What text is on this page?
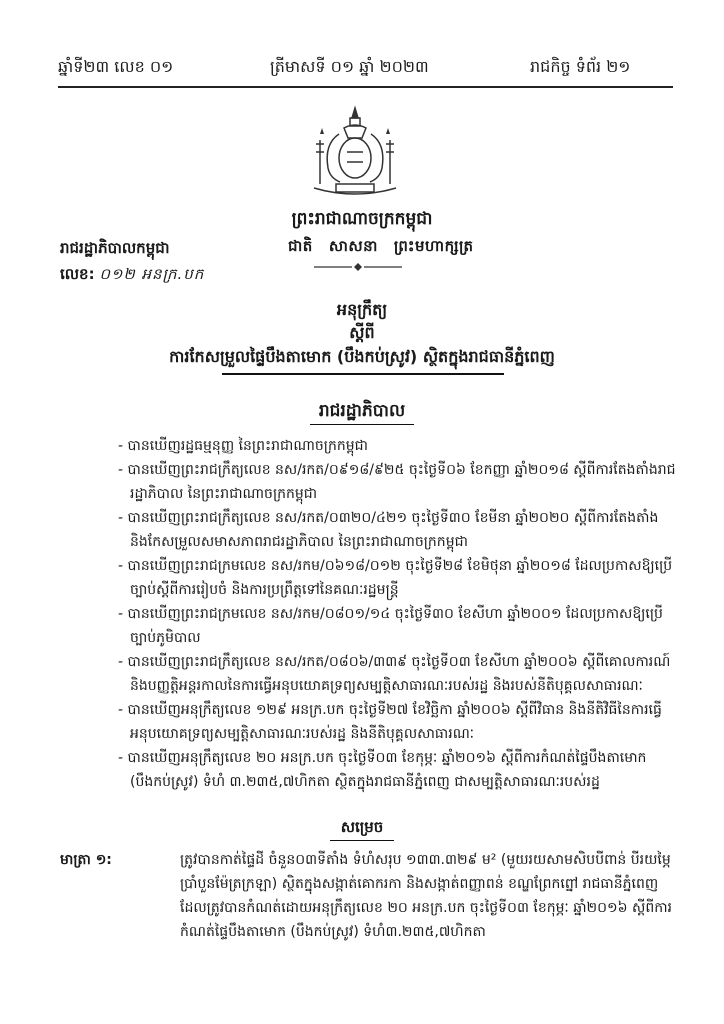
ឆ្នាំទី២៣ លេខ ០១	ត្រីមាសទី ០១ ឆ្នាំ ២០២៣	រាជកិច្ច ទំព័រ ២១
ព្រះរាជាណាចក្រកម្ពុជា
រាជរដ្ឋាភិបាលកម្ពុជា	ជាតិ សាសនា ព្រះមហាក្សត្រ
លេខ: ០១២ អនក្រ.បក
អនុក្រឹត្យ
ស្តីពី
ការកែសម្រួលផ្ទៃបឹងតាមោក (បឹងកប់ស្រូវ) ស្ថិតក្នុងរាជធានីភ្នំពេញ
រាជរដ្ឋាភិបាល
- បានឃើញរដ្ឋធម្មនុញ្ញ នៃព្រះរាជាណាចក្រកម្ពុជា
- បានឃើញព្រះរាជក្រឹត្យលេខ នស/រកត/០៩១៨/៩២៥ ចុះថ្ងៃទី០៦ ខែកញ្ញា ឆ្នាំ២០១៨ ស្តីពីការតែងតាំងរាជរដ្ឋាភិបាល នៃព្រះរាជាណាចក្រកម្ពុជា
- បានឃើញព្រះរាជក្រឹត្យលេខ នស/រកត/០៣២០/៤២១ ចុះថ្ងៃទី៣០ ខែមីនា ឆ្នាំ២០២០ ស្តីពីការតែងតាំង និងកែសម្រួលសមាសភាពរាជរដ្ឋាភិបាល នៃព្រះរាជាណាចក្រកម្ពុជា
- បានឃើញព្រះរាជក្រមលេខ នស/រកម/០៦១៨/០១២ ចុះថ្ងៃទី២៨ ខែមិថុនា ឆ្នាំ២០១៨ ដែលប្រកាសឱ្យប្រើច្បាប់ស្តីពីការរៀបចំ និងការប្រព្រឹត្តទៅនៃគណៈរដ្ឋមន្ត្រី
- បានឃើញព្រះរាជក្រមលេខ នស/រកម/០៨០១/១៤ ចុះថ្ងៃទី៣០ ខែសីហា ឆ្នាំ២០០១ ដែលប្រកាសឱ្យប្រើច្បាប់ភូមិបាល
- បានឃើញព្រះរាជក្រឹត្យលេខ នស/រកត/០៨០៦/៣៣៩ ចុះថ្ងៃទី០៣ ខែសីហា ឆ្នាំ២០០៦ ស្តីពីគោលការណ៍ និងបញ្ញត្តិអន្តរកាលនៃការធ្វើអនុបយោគទ្រព្យសម្បត្តិសាធារណៈរបស់រដ្ឋ និងរបស់នីតិបុគ្គលសាធារណៈ
- បានឃើញអនុក្រឹត្យលេខ ១២៩ អនក្រ.បក ចុះថ្ងៃទី២៧ ខែវិច្ឆិកា ឆ្នាំ២០០៦ ស្តីពីវិធាន និងនីតិវិធីនៃការធ្វើអនុបយោគទ្រព្យសម្បត្តិសាធារណៈរបស់រដ្ឋ និងនីតិបុគ្គលសាធារណៈ
- បានឃើញអនុក្រឹត្យលេខ ២០ អនក្រ.បក ចុះថ្ងៃទី០៣ ខែកុម្ភៈ ឆ្នាំ២០១៦ ស្តីពីការកំណត់ផ្ទៃបឹងតាមោក (បឹងកប់ស្រូវ) ទំហំ ៣.២៣៥,៧ហិកតា ស្ថិតក្នុងរាជធានីភ្នំពេញ ជាសម្បត្តិសាធារណៈរបស់រដ្ឋ
សម្រេច
មាត្រា ១:	ត្រូវបានកាត់ផ្ទៃដី ចំនួន០៣ទីតាំង ទំហំសរុប ១៣៣.៣២៩ ម² (មួយរយសាមសិបបីពាន់ បីរយម្ភៃប្រាំបួនម៉ែត្រក្រឡា) ស្ថិតក្នុងសង្កាត់គោករកា និងសង្កាត់ពញ្ញាពន់ ខណ្ឌព្រែកព្នៅ រាជធានីភ្នំពេញ ដែលត្រូវបានកំណត់ដោយអនុក្រឹត្យលេខ ២០ អនក្រ.បក ចុះថ្ងៃទី០៣ ខែកុម្ភៈ ឆ្នាំ២០១៦ ស្តីពីការកំណត់ផ្ទៃបឹងតាមោក (បឹងកប់ស្រូវ) ទំហំ៣.២៣៥,៧ហិកតា
